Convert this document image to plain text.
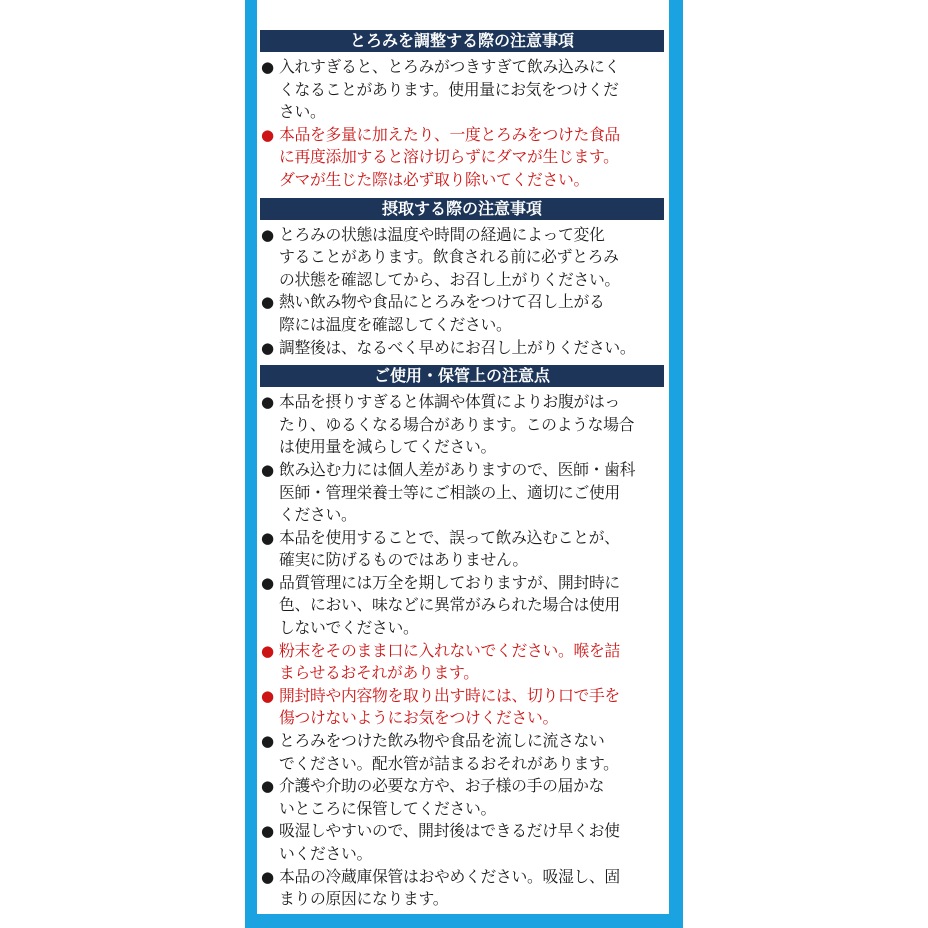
とろみを調整する際の注意事項
● 入れすぎると、とろみがつきすぎて飲み込みにく
くなることがあります。使用量にお気をつけくだ
さい。
● 本品を多量に加えたり、一度とろみをつけた食品
に再度添加すると溶け切らずにダマが生じます。
ダマが生じた際は必ず取り除いてください。
摂取する際の注意事項
● とろみの状態は温度や時間の経過によって変化
することがあります。飲食される前に必ずとろみ
の状態を確認してから、お召し上がりください。
● 熱い飲み物や食品にとろみをつけて召し上がる
際には温度を確認してください。
● 調整後は、なるべく早めにお召し上がりください。
ご使用・保管上の注意点
● 本品を摂りすぎると体調や体質によりお腹がはっ
たり、ゆるくなる場合があります。このような場合
は使用量を減らしてください。
● 飲み込む力には個人差がありますので、医師・歯科
医師・管理栄養士等にご相談の上、適切にご使用
ください。
● 本品を使用することで、誤って飲み込むことが、
確実に防げるものではありません。
● 品質管理には万全を期しておりますが、開封時に
色、におい、味などに異常がみられた場合は使用
しないでください。
● 粉末をそのまま口に入れないでください。喉を詰
まらせるおそれがあります。
● 開封時や内容物を取り出す時には、切り口で手を
傷つけないようにお気をつけください。
● とろみをつけた飲み物や食品を流しに流さない
でください。配水管が詰まるおそれがあります。
● 介護や介助の必要な方や、お子様の手の届かな
いところに保管してください。
● 吸湿しやすいので、開封後はできるだけ早くお使
いください。
● 本品の冷蔵庫保管はおやめください。吸湿し、固
まりの原因になります。
